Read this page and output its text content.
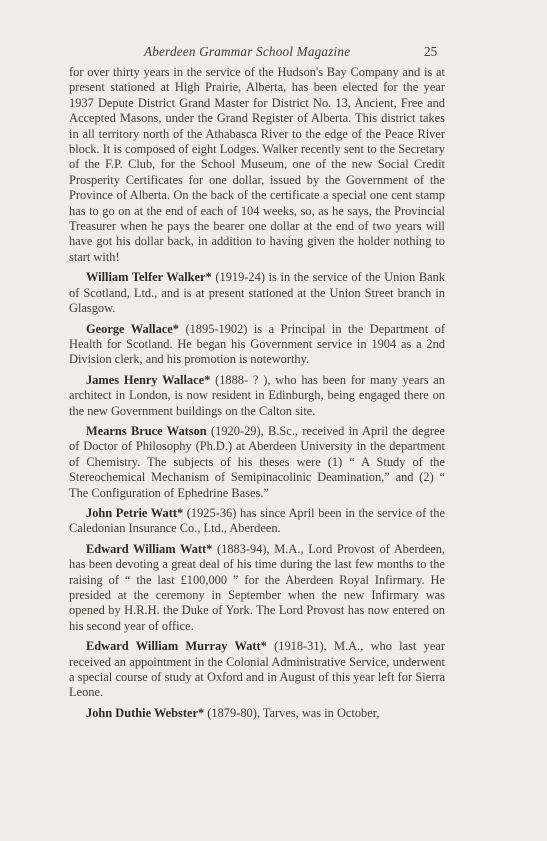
Aberdeen Grammar School Magazine	25

for over thirty years in the service of the Hudson's Bay Company and is at present stationed at High Prairie, Alberta, has been elected for the year 1937 Depute District Grand Master for District No. 13, Ancient, Free and Accepted Masons, under the Grand Register of Alberta. This district takes in all territory north of the Athabasca River to the edge of the Peace River block. It is composed of eight Lodges. Walker recently sent to the Secretary of the F.P. Club, for the School Museum, one of the new Social Credit Prosperity Certificates for one dollar, issued by the Government of the Province of Alberta. On the back of the certificate a special one cent stamp has to go on at the end of each of 104 weeks, so, as he says, the Provincial Treasurer when he pays the bearer one dollar at the end of two years will have got his dollar back, in addition to having given the holder nothing to start with!

William Telfer Walker* (1919-24) is in the service of the Union Bank of Scotland, Ltd., and is at present stationed at the Union Street branch in Glasgow.

George Wallace* (1895-1902) is a Principal in the Department of Health for Scotland. He began his Government service in 1904 as a 2nd Division clerk, and his promotion is noteworthy.

James Henry Wallace* (1888- ? ), who has been for many years an architect in London, is now resident in Edinburgh, being engaged there on the new Government buildings on the Calton site.

Mearns Bruce Watson (1920-29), B.Sc., received in April the degree of Doctor of Philosophy (Ph.D.) at Aberdeen University in the department of Chemistry. The subjects of his theses were (1) “ A Study of the Stereochemical Mechanism of Semipinacolinic Deamination,” and (2) “ The Configuration of Ephedrine Bases.”

John Petrie Watt* (1925-36) has since April been in the service of the Caledonian Insurance Co., Ltd., Aberdeen.

Edward William Watt* (1883-94), M.A., Lord Provost of Aberdeen, has been devoting a great deal of his time during the last few months to the raising of “ the last £100,000 ” for the Aberdeen Royal Infirmary. He presided at the ceremony in September when the new Infirmary was opened by H.R.H. the Duke of York. The Lord Provost has now entered on his second year of office.

Edward William Murray Watt* (1918-31), M.A., who last year received an appointment in the Colonial Administrative Service, underwent a special course of study at Oxford and in August of this year left for Sierra Leone.

John Duthie Webster* (1879-80), Tarves, was in October,
